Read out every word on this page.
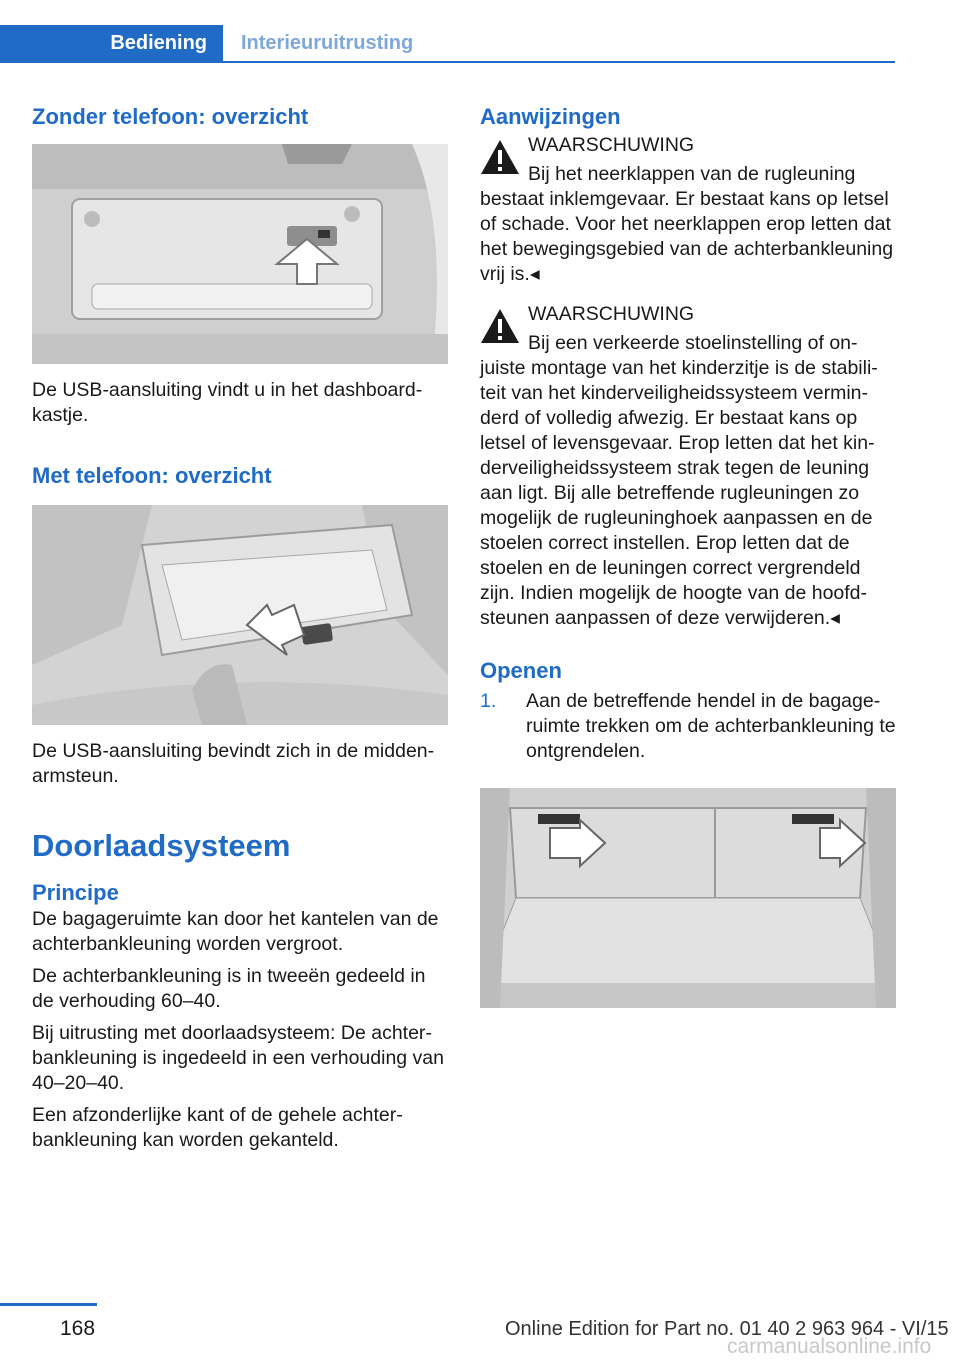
Bediening	Interieuruitrusting
Zonder telefoon: overzicht

De USB-aansluiting vindt u in het dashboardkastje.

Met telefoon: overzicht

De USB-aansluiting bevindt zich in de middenarmsteun.

Doorlaadsysteem
Principe

De bagageruimte kan door het kantelen van de achterbankleuning worden vergroot.

De achterbankleuning is in tweeën gedeeld in de verhouding 60–40.

Bij uitrusting met doorlaadsysteem: De achterbankleuning is ingedeeld in een verhouding van 40–20–40.

Een afzonderlijke kant of de gehele achterbankleuning kan worden gekanteld.

Aanwijzingen

WAARSCHUWING

Bij het neerklappen van de rugleuning bestaat inklemgevaar. Er bestaat kans op letsel of schade. Voor het neerklappen erop letten dat het bewegingsgebied van de achterbankleuning vrij is.◂

WAARSCHUWING

Bij een verkeerde stoelinstelling of onjuiste montage van het kinderzitje is de stabiliteit van het kinderveiligheidssysteem verminderd of volledig afwezig. Er bestaat kans op letsel of levensgevaar. Erop letten dat het kinderveiligheidssysteem strak tegen de leuning aan ligt. Bij alle betreffende rugleuningen zo mogelijk de rugleuninghoek aanpassen en de stoelen correct instellen. Erop letten dat de stoelen en de leuningen correct vergrendeld zijn. Indien mogelijk de hoogte van de hoofdsteunen aanpassen of deze verwijderen.◂

Openen

1. Aan de betreffende hendel in de bagageruimte trekken om de achterbankleuning te ontgrendelen.

168	Online Edition for Part no. 01 40 2 963 964 - VI/15
carmanualsonline.info
